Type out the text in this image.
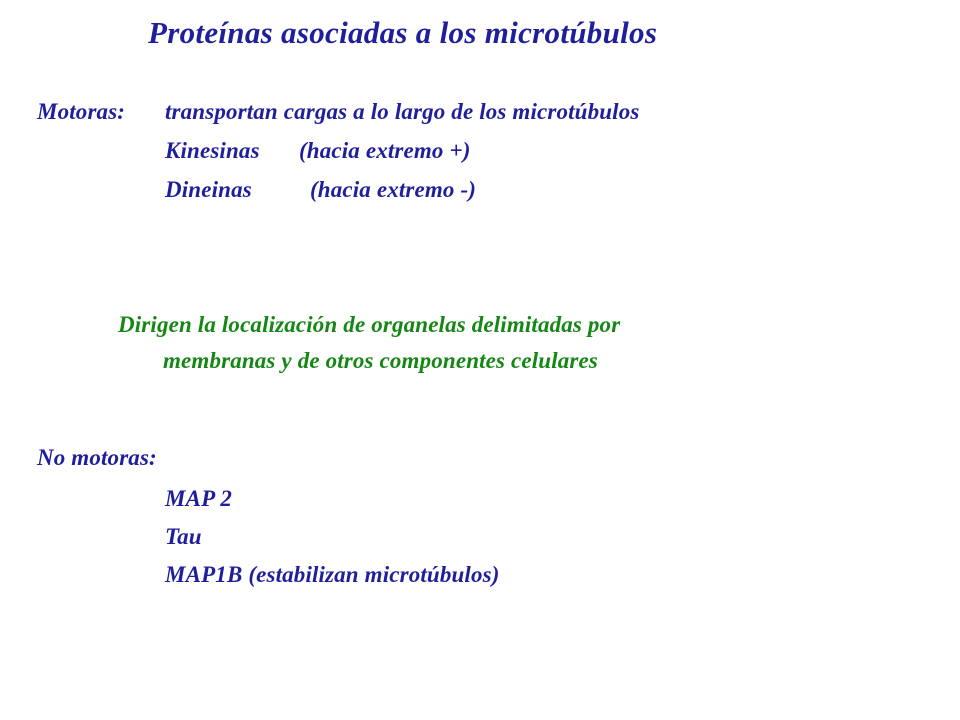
Proteínas asociadas a los microtúbulos
Motoras: transportan cargas a lo largo de los microtúbulos
Kinesinas (hacia extremo +)
Dineinas	(hacia extremo -)
Dirigen la localización de organelas delimitadas por
membranas y de otros componentes celulares
No motoras:
MAP 2
Tau
MAP1B (estabilizan microtúbulos)
